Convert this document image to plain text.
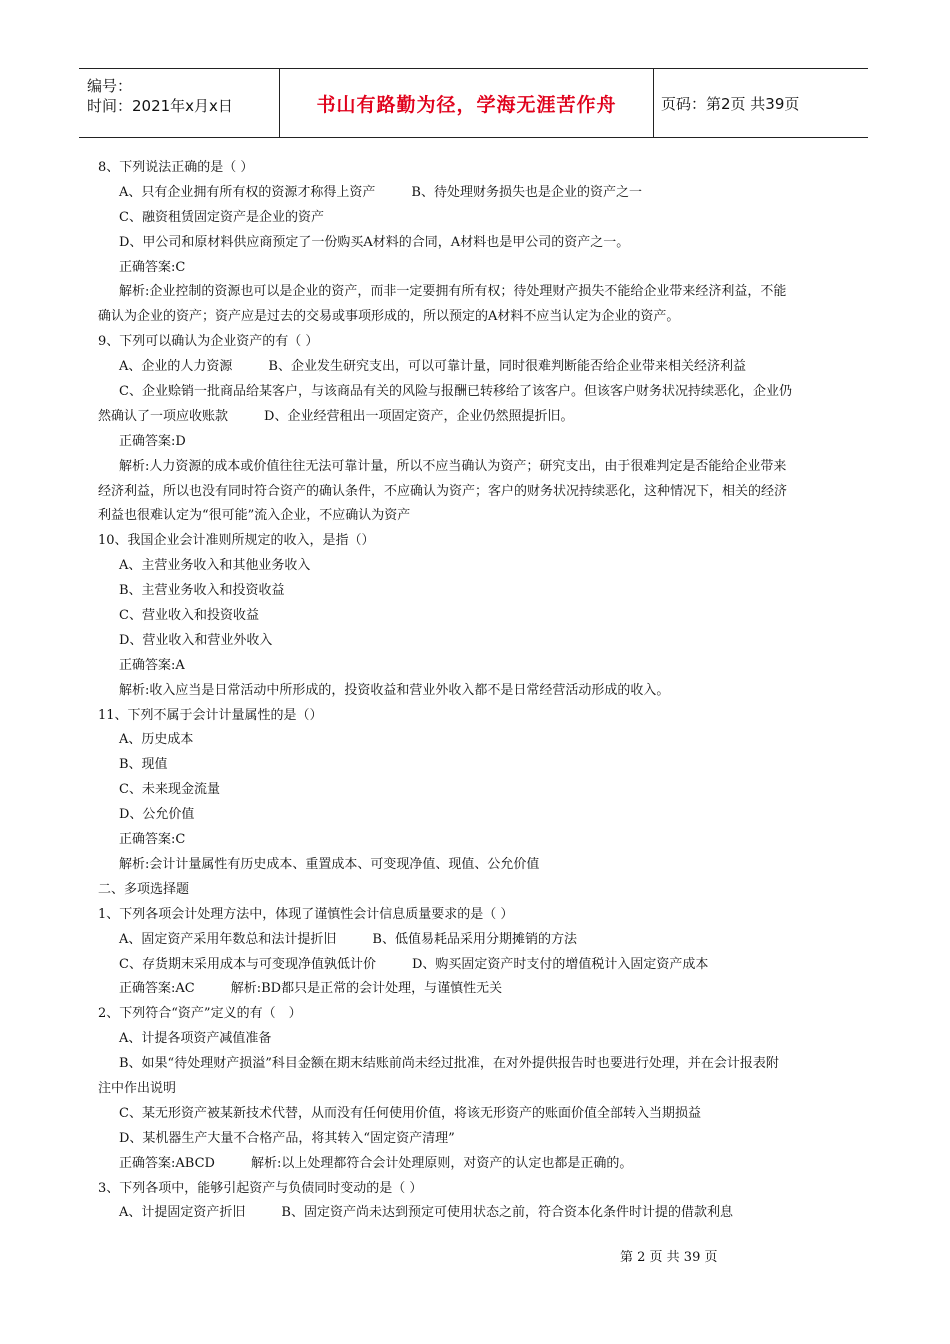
编号：
时间：2021年x月x日	书山有路勤为径，学海无涯苦作舟	页码：第2页 共39页
8、下列说法正确的是（ ）
A、只有企业拥有所有权的资源才称得上资产	B、待处理财务损失也是企业的资产之一
C、融资租赁固定资产是企业的资产
D、甲公司和原材料供应商预定了一份购买A材料的合同，A材料也是甲公司的资产之一。
正确答案:C
解析:企业控制的资源也可以是企业的资产，而非一定要拥有所有权；待处理财产损失不能给企业带来经济利益，不能
确认为企业的资产；资产应是过去的交易或事项形成的，所以预定的A材料不应当认定为企业的资产。
9、下列可以确认为企业资产的有（ ）
A、企业的人力资源	B、企业发生研究支出，可以可靠计量，同时很难判断能否给企业带来相关经济利益
C、企业赊销一批商品给某客户，与该商品有关的风险与报酬已转移给了该客户。但该客户财务状况持续恶化，企业仍
然确认了一项应收账款	D、企业经营租出一项固定资产，企业仍然照提折旧。
正确答案:D
解析:人力资源的成本或价值往往无法可靠计量，所以不应当确认为资产；研究支出，由于很难判定是否能给企业带来
经济利益，所以也没有同时符合资产的确认条件，不应确认为资产；客户的财务状况持续恶化，这种情况下，相关的经济
利益也很难认定为“很可能”流入企业，不应确认为资产
10、我国企业会计准则所规定的收入，是指（）
A、主营业务收入和其他业务收入
B、主营业务收入和投资收益
C、营业收入和投资收益
D、营业收入和营业外收入
正确答案:A
解析:收入应当是日常活动中所形成的，投资收益和营业外收入都不是日常经营活动形成的收入。
11、下列不属于会计计量属性的是（）
A、历史成本
B、现值
C、未来现金流量
D、公允价值
正确答案:C
解析:会计计量属性有历史成本、重置成本、可变现净值、现值、公允价值
二、多项选择题
1、下列各项会计处理方法中，体现了谨慎性会计信息质量要求的是（ ）
A、固定资产采用年数总和法计提折旧	B、低值易耗品采用分期摊销的方法
C、存货期末采用成本与可变现净值孰低计价	D、购买固定资产时支付的增值税计入固定资产成本
正确答案:AC	解析:BD都只是正常的会计处理，与谨慎性无关
2、下列符合“资产”定义的有（　）
A、计提各项资产减值准备
B、如果“待处理财产损溢”科目金额在期末结账前尚未经过批准，在对外提供报告时也要进行处理，并在会计报表附
注中作出说明
C、某无形资产被某新技术代替，从而没有任何使用价值，将该无形资产的账面价值全部转入当期损益
D、某机器生产大量不合格产品，将其转入“固定资产清理”
正确答案:ABCD	解析:以上处理都符合会计处理原则，对资产的认定也都是正确的。
3、下列各项中，能够引起资产与负债同时变动的是（ ）
A、计提固定资产折旧	B、固定资产尚未达到预定可使用状态之前，符合资本化条件时计提的借款利息
第 2 页 共 39 页
